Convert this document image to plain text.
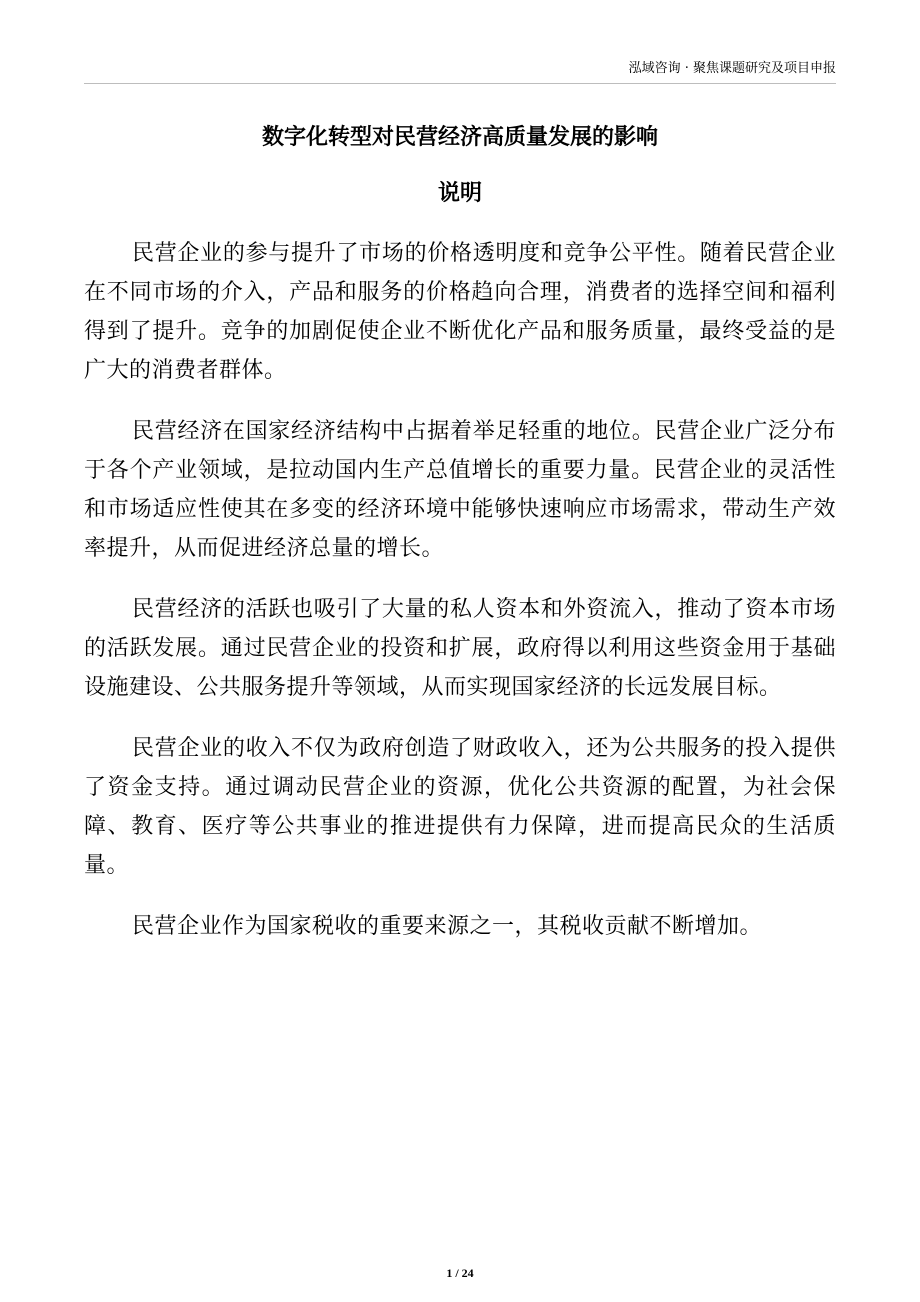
泓域咨询 · 聚焦课题研究及项目申报
数字化转型对民营经济高质量发展的影响
说明

民营企业的参与提升了市场的价格透明度和竞争公平性。随着民营企业在不同市场的介入，产品和服务的价格趋向合理，消费者的选择空间和福利得到了提升。竞争的加剧促使企业不断优化产品和服务质量，最终受益的是广大的消费者群体。

民营经济在国家经济结构中占据着举足轻重的地位。民营企业广泛分布于各个产业领域，是拉动国内生产总值增长的重要力量。民营企业的灵活性和市场适应性使其在多变的经济环境中能够快速响应市场需求，带动生产效率提升，从而促进经济总量的增长。

民营经济的活跃也吸引了大量的私人资本和外资流入，推动了资本市场的活跃发展。通过民营企业的投资和扩展，政府得以利用这些资金用于基础设施建设、公共服务提升等领域，从而实现国家经济的长远发展目标。

民营企业的收入不仅为政府创造了财政收入，还为公共服务的投入提供了资金支持。通过调动民营企业的资源，优化公共资源的配置，为社会保障、教育、医疗等公共事业的推进提供有力保障，进而提高民众的生活质量。

民营企业作为国家税收的重要来源之一，其税收贡献不断增加。

1 / 24
